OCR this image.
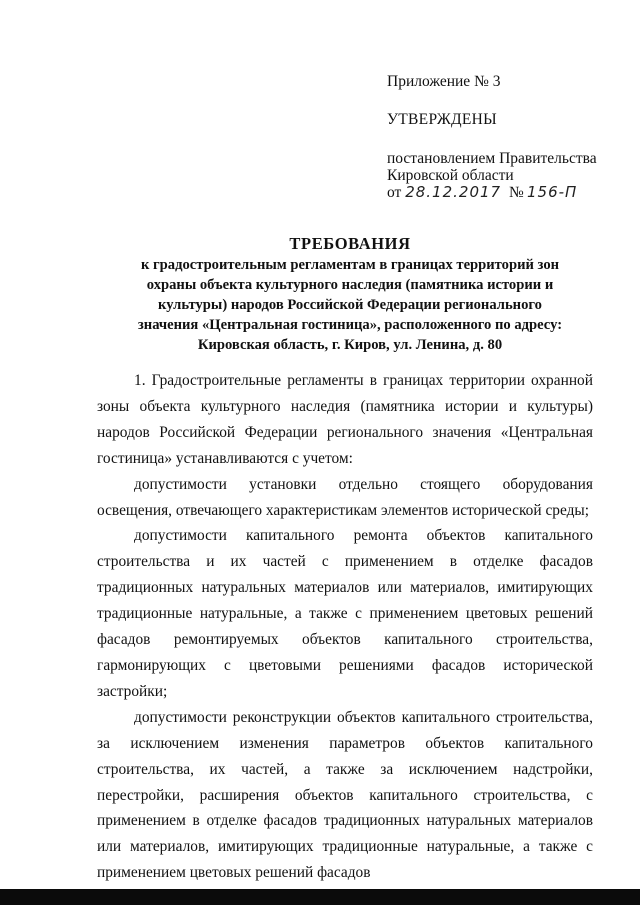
Приложение № 3
УТВЕРЖДЕНЫ
постановлением Правительства
Кировской области
от 28.12.2017 № 156-П
ТРЕБОВАНИЯ
к градостроительным регламентам в границах территорий зон
охраны объекта культурного наследия (памятника истории и
культуры) народов Российской Федерации регионального
значения «Центральная гостиница», расположенного по адресу:
Кировская область, г. Киров, ул. Ленина, д. 80

1. Градостроительные регламенты в границах территории охранной зоны объекта культурного наследия (памятника истории и культуры) народов Российской Федерации регионального значения «Центральная гостиница» устанавливаются с учетом:

допустимости установки отдельно стоящего оборудования освещения, отвечающего характеристикам элементов исторической среды;

допустимости капитального ремонта объектов капитального строительства и их частей с применением в отделке фасадов традиционных натуральных материалов или материалов, имитирующих традиционные натуральные, а также с применением цветовых решений фасадов ремонтируемых объектов капитального строительства, гармонирующих с цветовыми решениями фасадов исторической застройки;

допустимости реконструкции объектов капитального строительства, за исключением изменения параметров объектов капитального строительства, их частей, а также за исключением надстройки, перестройки, расширения объектов капитального строительства, с применением в отделке фасадов традиционных натуральных материалов или материалов, имитирующих традиционные натуральные, а также с применением цветовых решений фасадов
